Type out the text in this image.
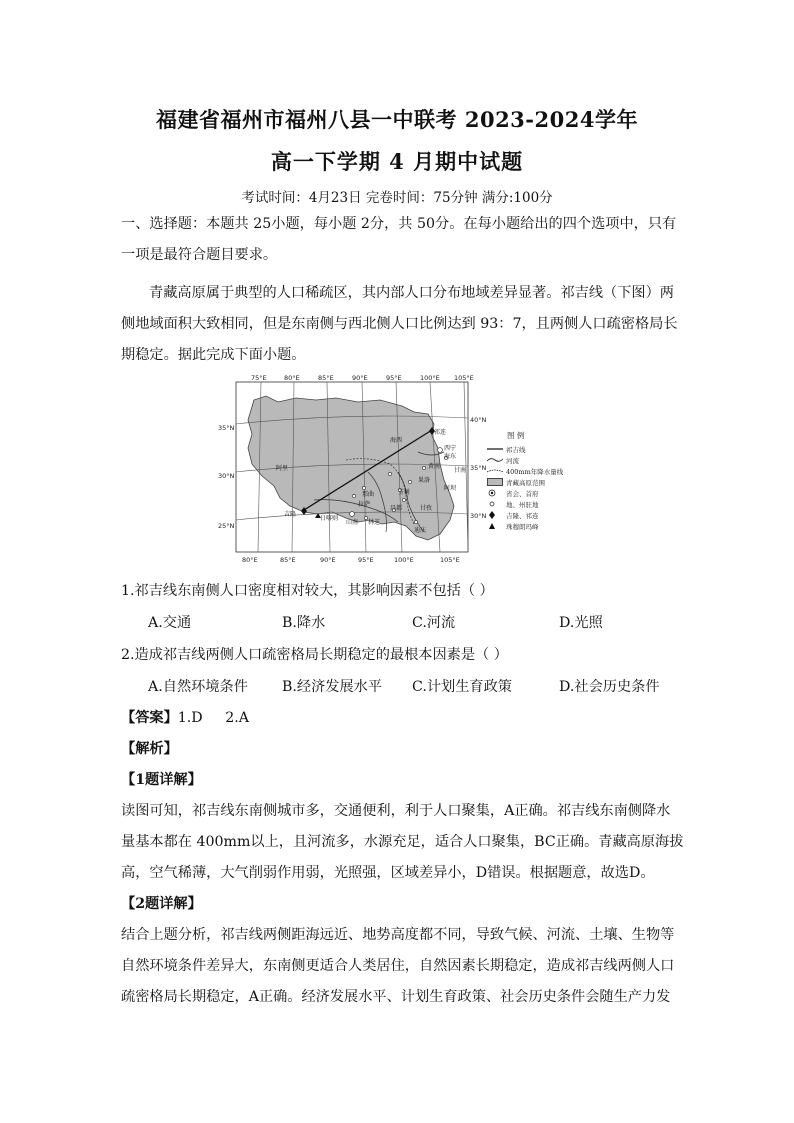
福建省福州市福州八县一中联考 2023-2024学年
高一下学期 4 月期中试题
考试时间：4月23日 完卷时间：75分钟 满分:100分
一、选择题：本题共 25小题，每小题 2分，共 50分。在每小题给出的四个选项中，只有
一项是最符合题目要求。
青藏高原属于典型的人口稀疏区，其内部人口分布地域差异显著。祁吉线（下图）两
侧地域面积大致相同，但是东南侧与西北侧人口比例达到 93：7，且两侧人口疏密格局长
期稳定。据此完成下面小题。
75°E	80°E	85°E	90°E	95°E	100°E 105°E
80°E	85°E	90°E	95°E	100°E	105°E
35°N
30°N
25°N
40°N
35°N
30°N
祁连
海西
西宁
海东
甘南
黄南
果洛
阿坝
阿里
那曲	玉树
吉隆
拉萨
日喀则
昌都
山南 林芝
甘孜
迪庆
图 例
祁吉线
河流
400mm年降水量线
青藏高原范围
省会、首府
地、州驻地
吉隆、祁连
珠穆朗玛峰
1.祁吉线东南侧人口密度相对较大，其影响因素不包括（ ）
A.交通	B.降水	C.河流	D.光照
2.造成祁吉线两侧人口疏密格局长期稳定的最根本因素是（ ）
A.自然环境条件 B.经济发展水平 C.计划生育政策	D.社会历史条件
【答案】1.D     2.A
【解析】
【1题详解】
读图可知，祁吉线东南侧城市多，交通便利，利于人口聚集，A正确。祁吉线东南侧降水
量基本都在 400mm以上，且河流多，水源充足，适合人口聚集，BC正确。青藏高原海拔
高，空气稀薄，大气削弱作用弱，光照强，区域差异小，D错误。根据题意，故选D。
【2题详解】
结合上题分析，祁吉线两侧距海远近、地势高度都不同，导致气候、河流、土壤、生物等
自然环境条件差异大，东南侧更适合人类居住，自然因素长期稳定，造成祁吉线两侧人口
疏密格局长期稳定，A正确。经济发展水平、计划生育政策、社会历史条件会随生产力发
